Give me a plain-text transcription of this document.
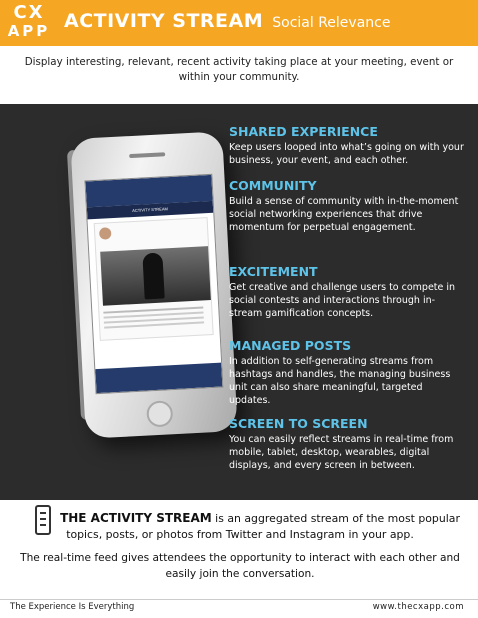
CX
APP ACTIVITY STREAM Social Relevance
Display interesting, relevant, recent activity taking place at your meeting, event or within your community.
ACTIVITY STREAM
SHARED EXPERIENCE
Keep users looped into what’s going on with your business, your event, and each other.
COMMUNITY
Build a sense of community with in-the-moment social networking experiences that drive momentum for perpetual engagement.
EXCITEMENT
Get creative and challenge users to compete in social contests and interactions through in-stream gamification concepts.
MANAGED POSTS
In addition to self-generating streams from hashtags and handles, the managing business unit can also share meaningful, targeted updates.
SCREEN TO SCREEN
You can easily reflect streams in real-time from mobile, tablet, desktop, wearables, digital displays, and every screen in between.

THE ACTIVITY STREAM is an aggregated stream of the most popular topics, posts, or photos from Twitter and Instagram in your app.

The real-time feed gives attendees the opportunity to interact with each other and easily join the conversation.

The Experience Is Everything	www.thecxapp.com
